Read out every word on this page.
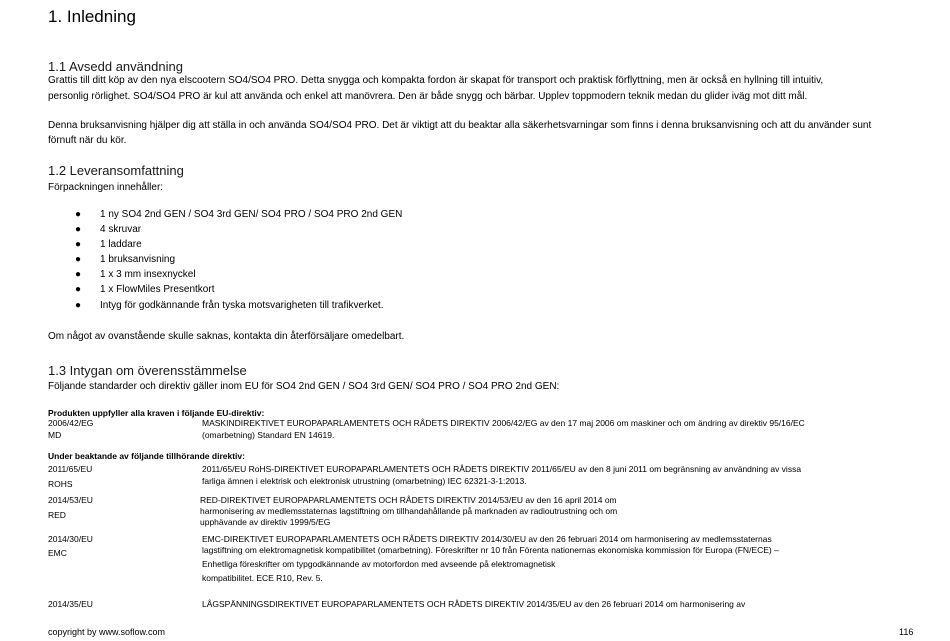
1. Inledning
1.1 Avsedd användning
Grattis till ditt köp av den nya elscootern SO4/SO4 PRO. Detta snygga och kompakta fordon är skapat för transport och praktisk förflyttning, men är också en hyllning till intuitiv,
personlig rörlighet. SO4/SO4 PRO är kul att använda och enkel att manövrera. Den är både snygg och bärbar. Upplev toppmodern teknik medan du glider iväg mot ditt mål.
Denna bruksanvisning hjälper dig att ställa in och använda SO4/SO4 PRO. Det är viktigt att du beaktar alla säkerhetsvarningar som finns i denna bruksanvisning och att du använder sunt
förnuft när du kör.
1.2 Leveransomfattning
Förpackningen innehåller:
● 1 ny SO4 2nd GEN / SO4 3rd GEN/ SO4 PRO / SO4 PRO 2nd GEN
● 4 skruvar
● 1 laddare
● 1 bruksanvisning
● 1 x 3 mm insexnyckel
● 1 x FlowMiles Presentkort
● Intyg för godkännande från tyska motsvarigheten till trafikverket.
Om något av ovanstående skulle saknas, kontakta din återförsäljare omedelbart.
1.3 Intygan om överensstämmelse
Följande standarder och direktiv gäller inom EU för SO4 2nd GEN / SO4 3rd GEN/ SO4 PRO / SO4 PRO 2nd GEN:
Produkten uppfyller alla kraven i följande EU-direktiv:
2006/42/EG
MD
MASKINDIREKTIVET EUROPAPARLAMENTETS OCH RÅDETS DIREKTIV 2006/42/EG av den 17 maj 2006 om maskiner och om ändring av direktiv 95/16/EC
(omarbetning) Standard EN 14619.
Under beaktande av följande tillhörande direktiv:
2011/65/EU
ROHS
2011/65/EU RoHS-DIREKTIVET EUROPAPARLAMENTETS OCH RÅDETS DIREKTIV 2011/65/EU av den 8 juni 2011 om begränsning av användning av vissa
farliga ämnen i elektrisk och elektronisk utrustning (omarbetning) IEC 62321-3-1:2013.
2014/53/EU
RED
RED-DIREKTIVET EUROPAPARLAMENTETS OCH RÅDETS DIREKTIV 2014/53/EU av den 16 april 2014 om
harmonisering av medlemsstaternas lagstiftning om tillhandahållande på marknaden av radioutrustning och om
upphävande av direktiv 1999/5/EG
2014/30/EU
EMC
EMC-DIREKTIVET EUROPAPARLAMENTETS OCH RÅDETS DIREKTIV 2014/30/EU av den 26 februari 2014 om harmonisering av medlemsstaternas
lagstiftning om elektromagnetisk kompatibilitet (omarbetning). Föreskrifter nr 10 från Förenta nationernas ekonomiska kommission för Europa (FN/ECE) –
Enhetliga föreskrifter om typgodkännande av motorfordon med avseende på elektromagnetisk
kompatibilitet. ECE R10, Rev. 5.
2014/35/EU	LÅGSPÄNNINGSDIREKTIVET EUROPAPARLAMENTETS OCH RÅDETS DIREKTIV 2014/35/EU av den 26 februari 2014 om harmonisering av
copyright by www.soflow.com	116
